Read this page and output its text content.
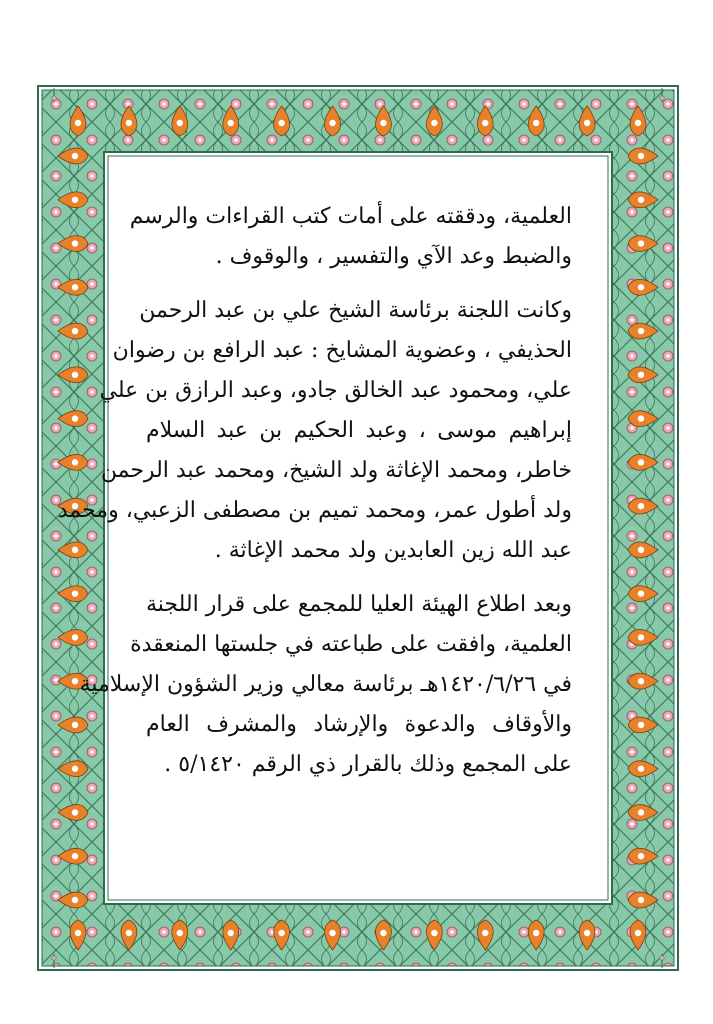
العلمية، ودققته على أمات كتب القراءات والرسم
والضبط وعد الآي والتفسير ، والوقوف .
وكانت اللجنة برئاسة الشيخ علي بن عبد الرحمن
الحذيفي ، وعضوية المشايخ : عبد الرافع بن رضوان
علي، ومحمود عبد الخالق جادو، وعبد الرازق بن علي
إبراهيم موسى ، وعبد الحكيم بن عبد السلام
خاطر، ومحمد الإغاثة ولد الشيخ، ومحمد عبد الرحمن
ولد أطول عمر، ومحمد تميم بن مصطفى الزعبي، ومحمد
عبد الله زين العابدين ولد محمد الإغاثة .
وبعد اطلاع الهيئة العليا للمجمع على قرار اللجنة
العلمية، وافقت على طباعته في جلستها المنعقدة
في ١٤٢٠/٦/٢٦هـ برئاسة معالي وزير الشؤون الإسلامية
والأوقاف والدعوة والإرشاد والمشرف العام
على المجمع وذلك بالقرار ذي الرقم ٥/١٤٢٠ .
